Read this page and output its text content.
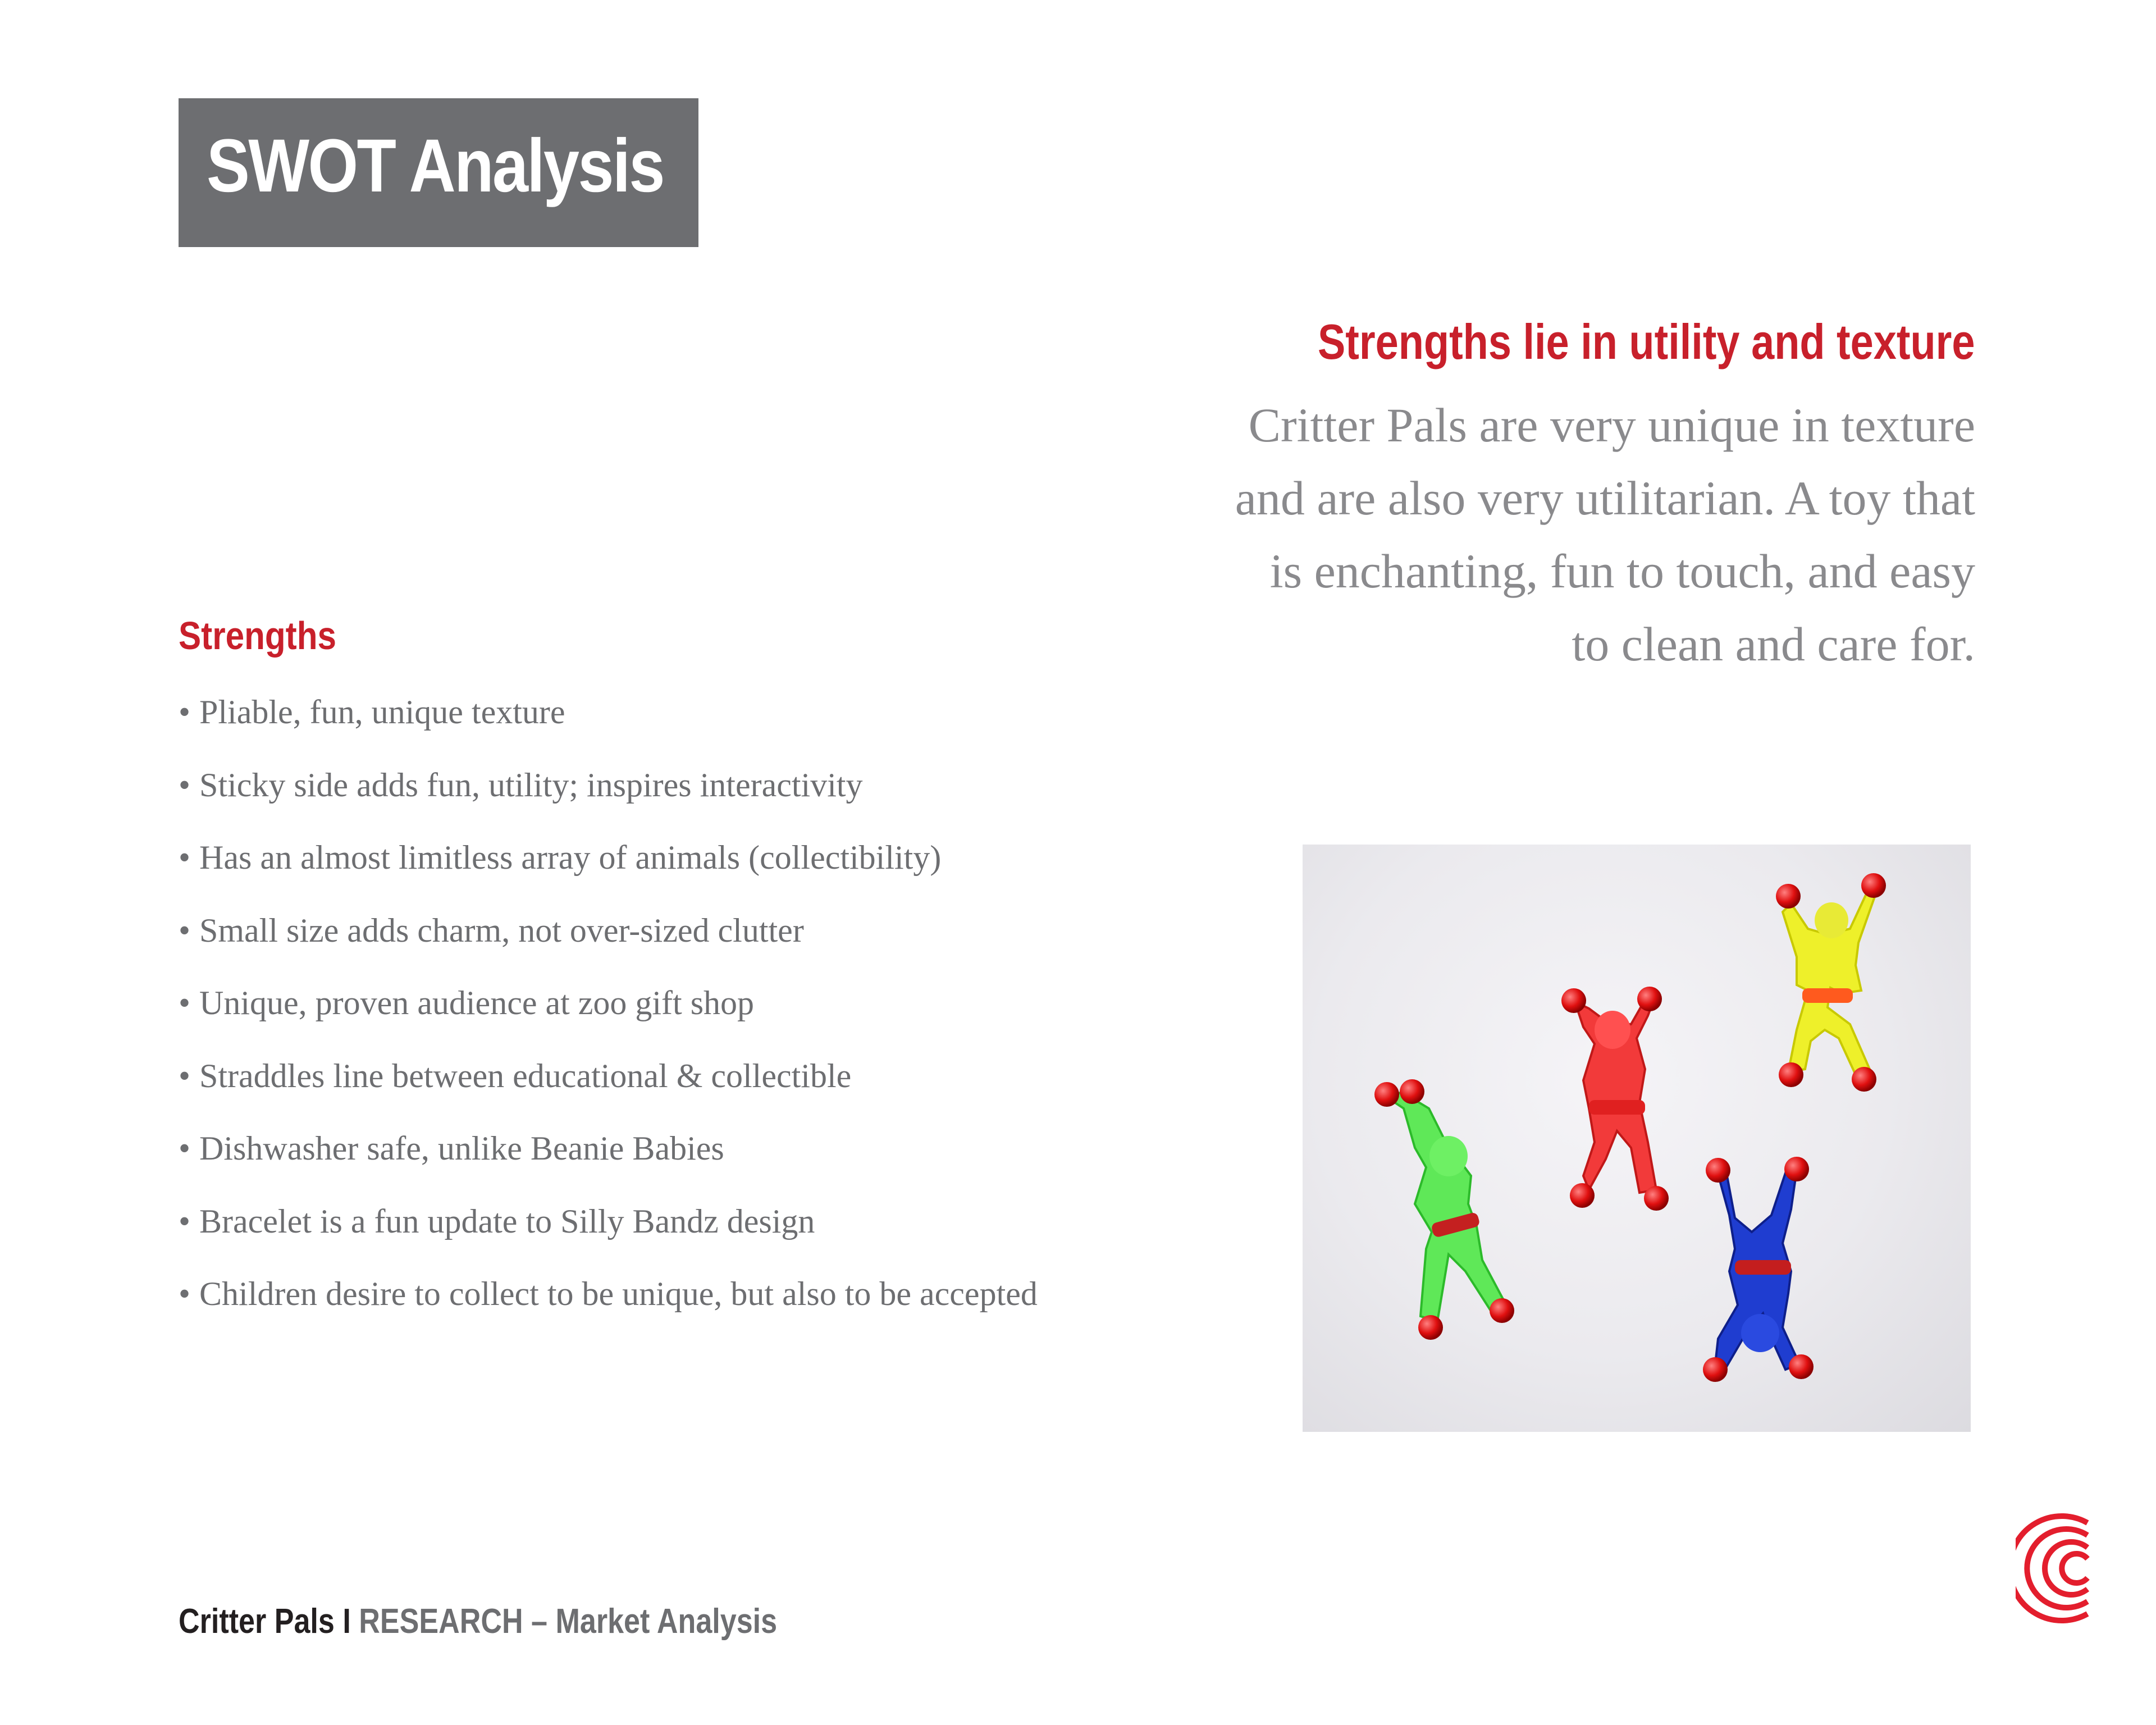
SWOT Analysis
Strengths lie in utility and texture
Critter Pals are very unique in texture
and are also very utilitarian. A toy that
is enchanting, fun to touch, and easy
to clean and care for.
Strengths
• Pliable, fun, unique texture
• Sticky side adds fun, utility; inspires interactivity
• Has an almost limitless array of animals (collectibility)
• Small size adds charm, not over-sized clutter
• Unique, proven audience at zoo gift shop
• Straddles line between educational & collectible
• Dishwasher safe, unlike Beanie Babies
• Bracelet is a fun update to Silly Bandz design
• Children desire to collect to be unique, but also to be accepted
Critter Pals I RESEARCH – Market Analysis
